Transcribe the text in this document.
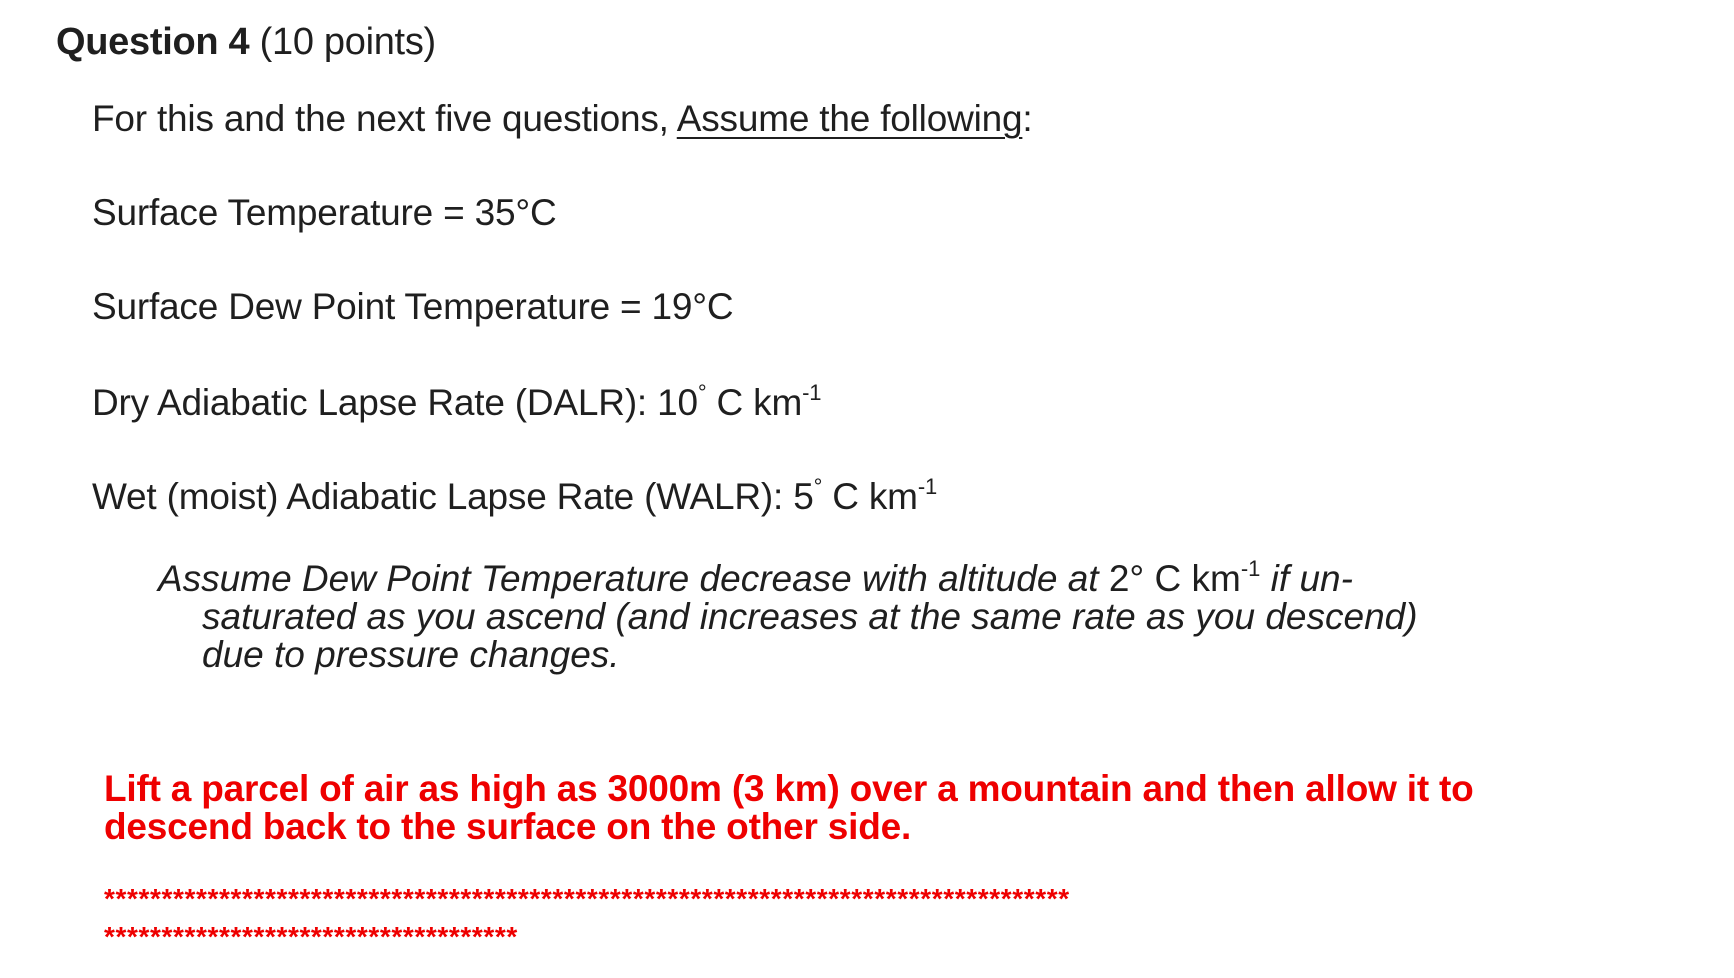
Question 4 (10 points)
For this and the next five questions, Assume the following:
Surface Temperature = 35°C
Surface Dew Point Temperature = 19°C
Dry Adiabatic Lapse Rate (DALR): 10° C $km^{-1}$
Wet (moist) Adiabatic Lapse Rate (WALR): 5° C $km^{-1}$
Assume Dew Point Temperature decrease with altitude at 2° C $km^{-1}$ if un-
saturated as you ascend (and increases at the same rate as you descend)
due to pressure changes.
Lift a parcel of air as high as 3000m (3 km) over a mountain and then allow it to
descend back to the surface on the other side.
************************************************************************************
************************************
